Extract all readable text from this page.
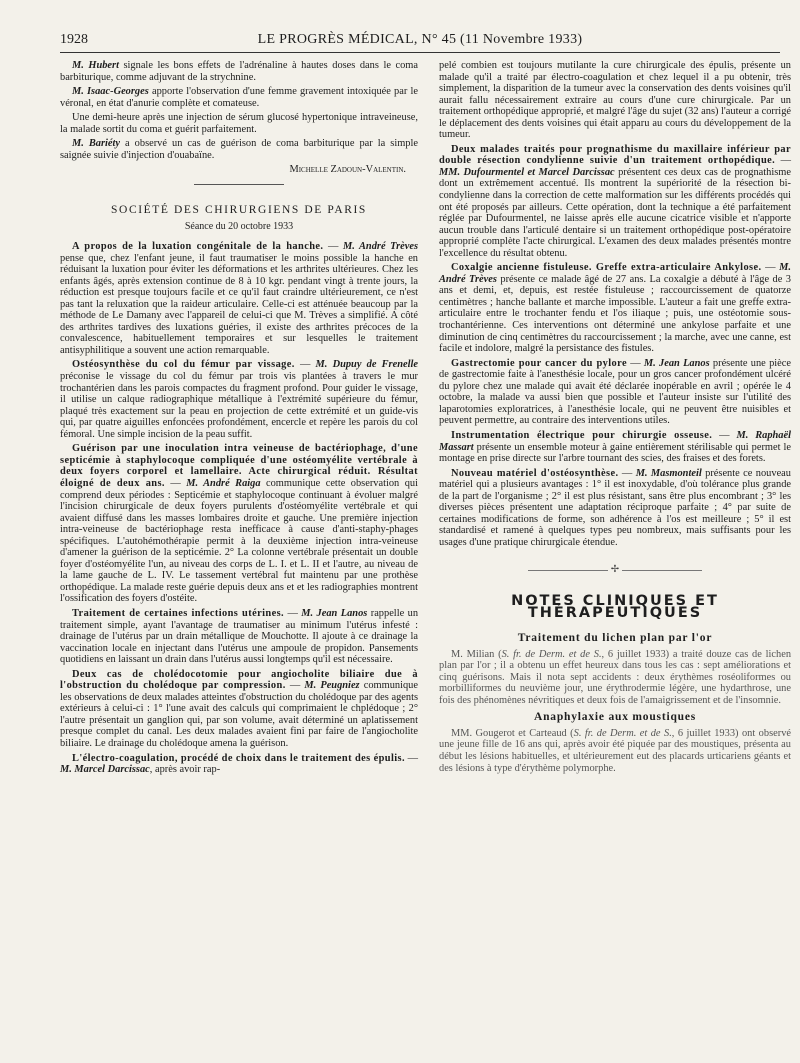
1928	LE PROGRÈS MÉDICAL, N° 45 (11 Novembre 1933)

M. Hubert signale les bons effets de l'adrénaline à hautes doses dans le coma barbiturique, comme adjuvant de la strychnine.

M. Isaac-Georges apporte l'observation d'une femme gravement intoxiquée par le véronal, en état d'anurie complète et comateuse.

Une demi-heure après une injection de sérum glucosé hypertonique intraveineuse, la malade sortit du coma et guérit parfaitement.

M. Bariéty a observé un cas de guérison de coma barbiturique par la simple saignée suivie d'injection d'ouabaïne.

Michelle Zadoun-Valentin.

SOCIÉTÉ DES CHIRURGIENS DE PARIS
Séance du 20 octobre 1933

A propos de la luxation congénitale de la hanche. — M. André Trèves pense que, chez l'enfant jeune, il faut traumatiser le moins possible la hanche en réduisant la luxation pour éviter les déformations et les arthrites ultérieures. Chez les enfants âgés, après extension continue de 8 à 10 kgr. pendant vingt à trente jours, la réduction est presque toujours facile et ce qu'il faut craindre ultérieurement, ce n'est pas tant la reluxation que la raideur articulaire. Celle-ci est atténuée beaucoup par la méthode de Le Damany avec l'appareil de celui-ci que M. Trèves a simplifié. A côté des arthrites tardives des luxations guéries, il existe des arthrites précoces de la convalescence, habituellement temporaires et sur lesquelles le traitement antisyphilitique a souvent une action remarquable.

Ostéosynthèse du col du fémur par vissage. — M. Dupuy de Frenelle préconise le vissage du col du fémur par trois vis plantées à travers le mur trochantérien dans les parois compactes du fragment profond. Pour guider le vissage, il utilise un calque radiographique métallique à l'extrémité supérieure du fémur, plaqué très exactement sur la peau en projection de cette extrémité et un guide-vis qui, par quatre aiguilles enfoncées profondément, encercle et repère les parois du col fémoral. Une simple incision de la peau suffit.

Guérison par une inoculation intra veineuse de bactériophage, d'une septicémie à staphylocoque compliquée d'une ostéomyélite vertébrale à deux foyers corporel et lamellaire. Acte chirurgical réduit. Résultat éloigné de deux ans. — M. André Raiga communique cette observation qui comprend deux périodes : Septicémie et staphylocoque continuant à évoluer malgré l'incision chirurgicale de deux foyers purulents d'ostéomyélite vertébrale et qui avaient diffusé dans les masses lombaires droite et gauche. Une première injection intra-veineuse de bactériophage resta inefficace à cause d'anti-staphy-phages spécifiques. L'autohémothérapie permit à la deuxième injection intra-veineuse d'amener la guérison de la septicémie. 2° La colonne vertébrale présentait un double foyer d'ostéomyélite l'un, au niveau des corps de L. I. et L. II et l'autre, au niveau de la lame gauche de L. IV. Le tassement vertébral fut maintenu par une prothèse orthopédique. La malade reste guérie depuis deux ans et et les radiographies montrent l'ossification des foyers d'ostéite.

Traitement de certaines infections utérines. — M. Jean Lanos rappelle un traitement simple, ayant l'avantage de traumatiser au minimum l'utérus infesté : drainage de l'utérus par un drain métallique de Mouchotte. Il ajoute à ce drainage la vaccination locale en injectant dans l'utérus une ampoule de propidon. Pansements quotidiens en laissant un drain dans l'utérus aussi longtemps qu'il est nécessaire.

Deux cas de cholédocotomie pour angiocholite biliaire due à l'obstruction du cholédoque par compression. — M. Peugniez communique les observations de deux malades atteintes d'obstruction du cholédoque par des agents extérieurs à celui-ci : 1° l'une avait des calculs qui comprimaient le chplédoque ; 2° l'autre présentait un ganglion qui, par son volume, avait déterminé un aplatissement presque complet du canal. Les deux malades avaient fini par faire de l'angiocholite biliaire. Le drainage du cholédoque amena la guérison.

L'électro-coagulation, procédé de choix dans le traitement des épulis. — M. Marcel Darcissac, après avoir rap-

pelé combien est toujours mutilante la cure chirurgicale des épulis, présente un malade qu'il a traité par électro-coagulation et chez lequel il a pu obtenir, très simplement, la disparition de la tumeur avec la conservation des dents voisines qu'il aurait fallu nécessairement extraire au cours d'une cure chirurgicale. Par un traitement orthopédique approprié, et malgré l'âge du sujet (32 ans) l'auteur a corrigé le déplacement des dents voisines qui était apparu au cours du développement de la tumeur.

Deux malades traités pour prognathisme du maxillaire inférieur par double résection condylienne suivie d'un traitement orthopédique. — MM. Dufourmentel et Marcel Darcissac présentent ces deux cas de prognathisme dont un extrêmement accentué. Ils montrent la supériorité de la résection bi-condylienne dans la correction de cette malformation sur les différents procédés qui ont été proposés par ailleurs. Cette opération, dont la technique a été parfaitement réglée par Dufourmentel, ne laisse après elle aucune cicatrice visible et n'apporte aucun trouble dans l'articulé dentaire si un traitement orthopédique post-opératoire approprié complète l'acte chirurgical. L'examen des deux malades présentés montre l'excellence du résultat obtenu.

Coxalgie ancienne fistuleuse. Greffe extra-articulaire Ankylose. — M. André Trèves présente ce malade âgé de 27 ans. La coxalgie a débuté à l'âge de 3 ans et demi, et, depuis, est restée fistuleuse ; raccourcissement de quatorze centimètres ; hanche ballante et marche impossible. L'auteur a fait une greffe extra-articulaire entre le trochanter fendu et l'os iliaque ; puis, une ostéotomie sous-trochantérienne. Ces interventions ont déterminé une ankylose parfaite et une diminution de cinq centimètres du raccourcissement ; la marche, avec une canne, est facile et indolore, malgré la persistance des fistules.

Gastrectomie pour cancer du pylore — M. Jean Lanos présente une pièce de gastrectomie faite à l'anesthésie locale, pour un gros cancer profondément ulcéré du pylore chez une malade qui avait été déclarée inopérable en avril ; opérée le 4 octobre, la malade va aussi bien que possible et l'auteur insiste sur l'utilité des laparotomies exploratrices, à l'anesthésie locale, qui ne peuvent être nuisibles et peuvent permettre, au contraire des interventions utiles.

Instrumentation électrique pour chirurgie osseuse. — M. Raphaël Massart présente un ensemble moteur à gaine entièrement stérilisable qui permet le montage en prise directe sur l'arbre tournant des scies, des fraises et des forets.

Nouveau matériel d'ostéosynthèse. — M. Masmonteil présente ce nouveau matériel qui a plusieurs avantages : 1° il est inoxydable, d'où tolérance plus grande de la part de l'organisme ; 2° il est plus résistant, sans être plus encombrant ; 3° les diverses pièces présentent une adaptation réciproque parfaite ; 4° par suite de certaines modifications de forme, son adhérence à l'os est meilleure ; 5° il est standardisé et ramené à quelques types peu nombreux, mais suffisants pour les usages d'une pratique chirurgicale étendue.

✢
NOTES CLINIQUES ET THÉRAPEUTIQUES
Traitement du lichen plan par l'or

M. Milian (S. fr. de Derm. et de S., 6 juillet 1933) a traité douze cas de lichen plan par l'or ; il a obtenu un effet heureux dans tous les cas : sept améliorations et cinq guérisons. Mais il nota sept accidents : deux érythèmes roséoliformes ou morbilliformes du neuvième jour, une érythrodermie légère, une hydarthrose, une fois des phénomènes névritiques et deux fois de l'amaigrissement et de l'insomnie.

Anaphylaxie aux moustiques

MM. Gougerot et Carteaud (S. fr. de Derm. et de S., 6 juillet 1933) ont observé une jeune fille de 16 ans qui, après avoir été piquée par des moustiques, présenta au début les lésions habituelles, et ultérieurement eut des placards urticariens géants et des lésions à type d'érythème polymorphe.
